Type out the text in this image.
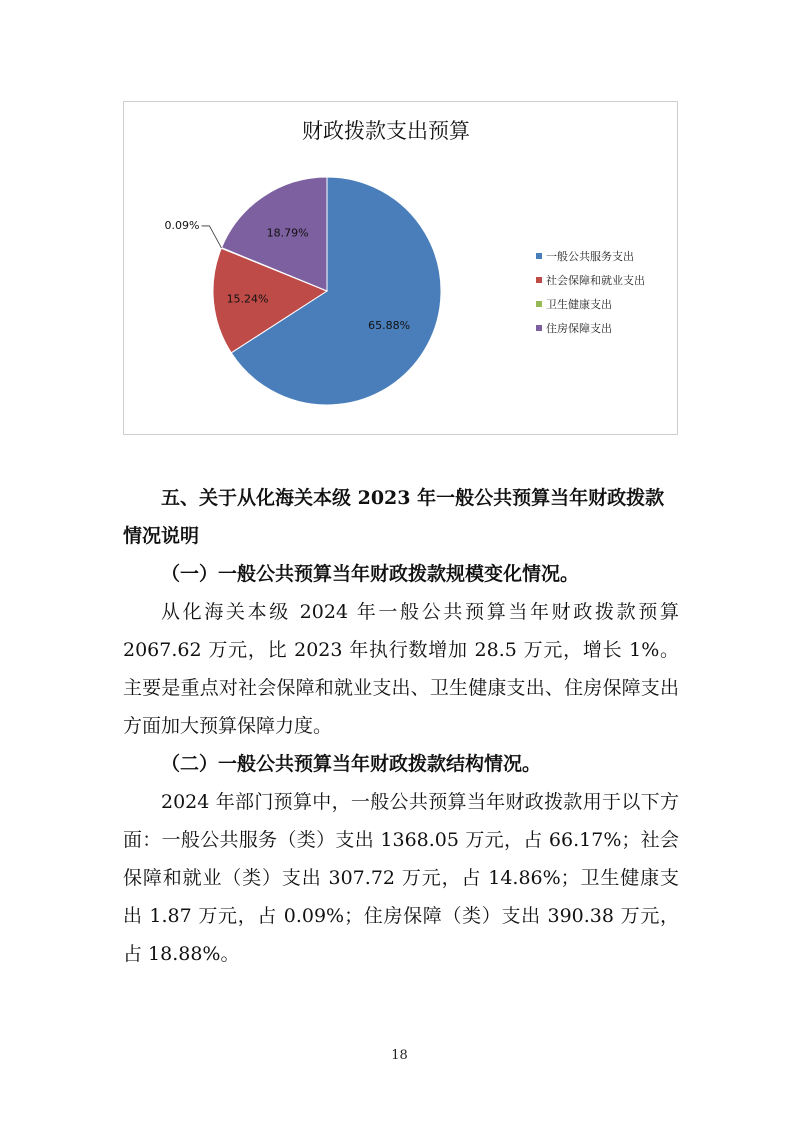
财政拨款支出预算
65.88%
15.24%
0.09%
18.79%
一般公共服务支出
社会保障和就业支出
卫生健康支出
住房保障支出
五、关于从化海关本级 2023 年一般公共预算当年财政拨款情况说明
（一）一般公共预算当年财政拨款规模变化情况。
从化海关本级 2024 年一般公共预算当年财政拨款预算 2067.62 万元，比 2023 年执行数增加 28.5 万元，增长 1%。主要是重点对社会保障和就业支出、卫生健康支出、住房保障支出方面加大预算保障力度。
（二）一般公共预算当年财政拨款结构情况。
2024 年部门预算中，一般公共预算当年财政拨款用于以下方面：一般公共服务（类）支出 1368.05 万元，占 66.17%；社会保障和就业（类）支出 307.72 万元，占 14.86%；卫生健康支出 1.87 万元，占 0.09%；住房保障（类）支出 390.38 万元，占 18.88%。
18
